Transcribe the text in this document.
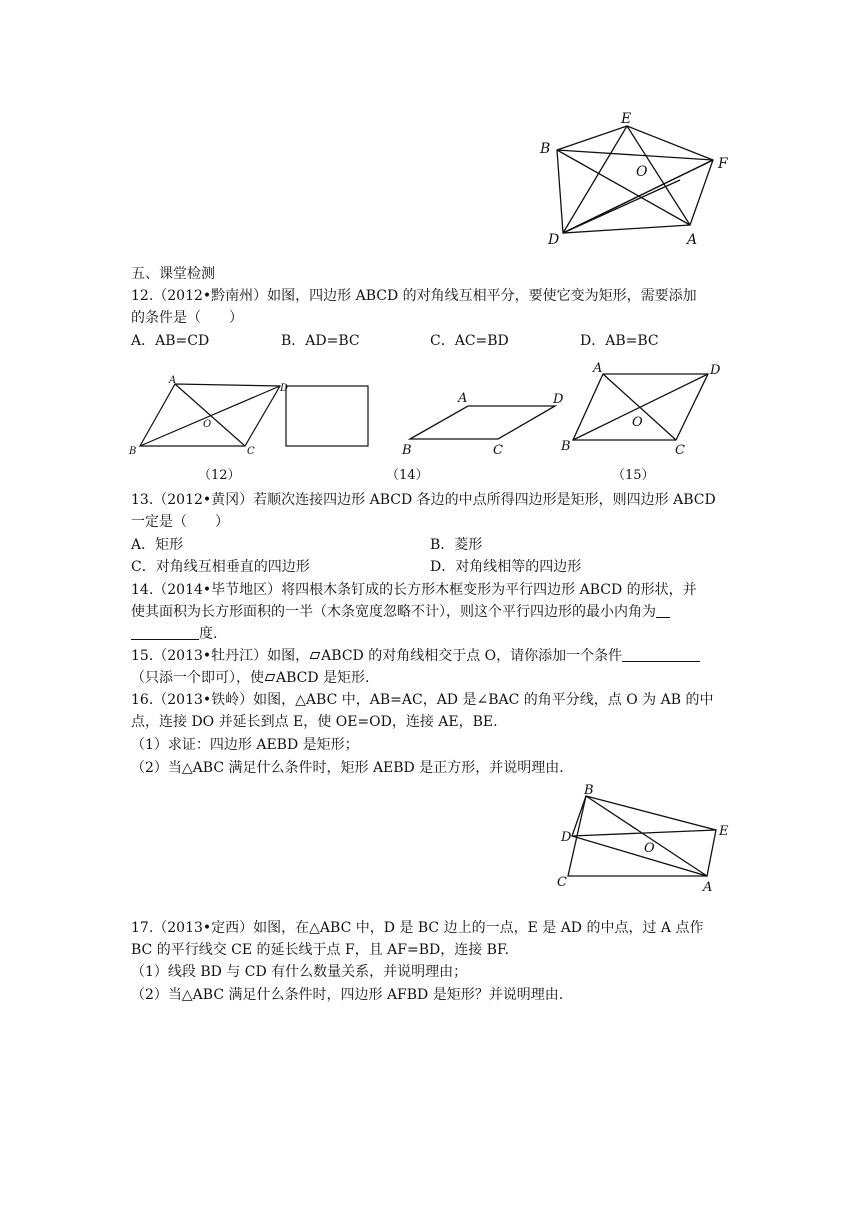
B
E
F
O
D	A
五、课堂检测
12.（2012•黔南州）如图，四边形 ABCD 的对角线互相平分，要使它变为矩形，需要添加
的条件是（　　）
A．AB=CD	B．AD=BC	C．AC=BD	D．AB=BC
A
D
O
B	C
A	D
B	C
A	D
O
B	C
（12）	（14）	（15）
13.（2012•黄冈）若顺次连接四边形 ABCD 各边的中点所得四边形是矩形，则四边形 ABCD
一定是（　　）
A．矩形	B．菱形
C．对角线互相垂直的四边形	D．对角线相等的四边形
14.（2014•毕节地区）将四根木条钉成的长方形木框变形为平行四边形 ABCD 的形状，并
使其面积为长方形面积的一半（木条宽度忽略不计），则这个平行四边形的最小内角为
度.
15.（2013•牡丹江）如图， ABCD 的对角线相交于点 O，请你添加一个条件
（只添一个即可），使 ABCD 是矩形.
16.（2013•铁岭）如图，△ABC 中，AB=AC，AD 是∠BAC 的角平分线，点 O 为 AB 的中
点，连接 DO 并延长到点 E，使 OE=OD，连接 AE，BE.
（1）求证：四边形 AEBD 是矩形；
（2）当△ABC 满足什么条件时，矩形 AEBD 是正方形，并说明理由.
B
E
D
O
C	A
17.（2013•定西）如图，在△ABC 中，D 是 BC 边上的一点，E 是 AD 的中点，过 A 点作
BC 的平行线交 CE 的延长线于点 F，且 AF=BD，连接 BF.
（1）线段 BD 与 CD 有什么数量关系，并说明理由；
（2）当△ABC 满足什么条件时，四边形 AFBD 是矩形？并说明理由.
